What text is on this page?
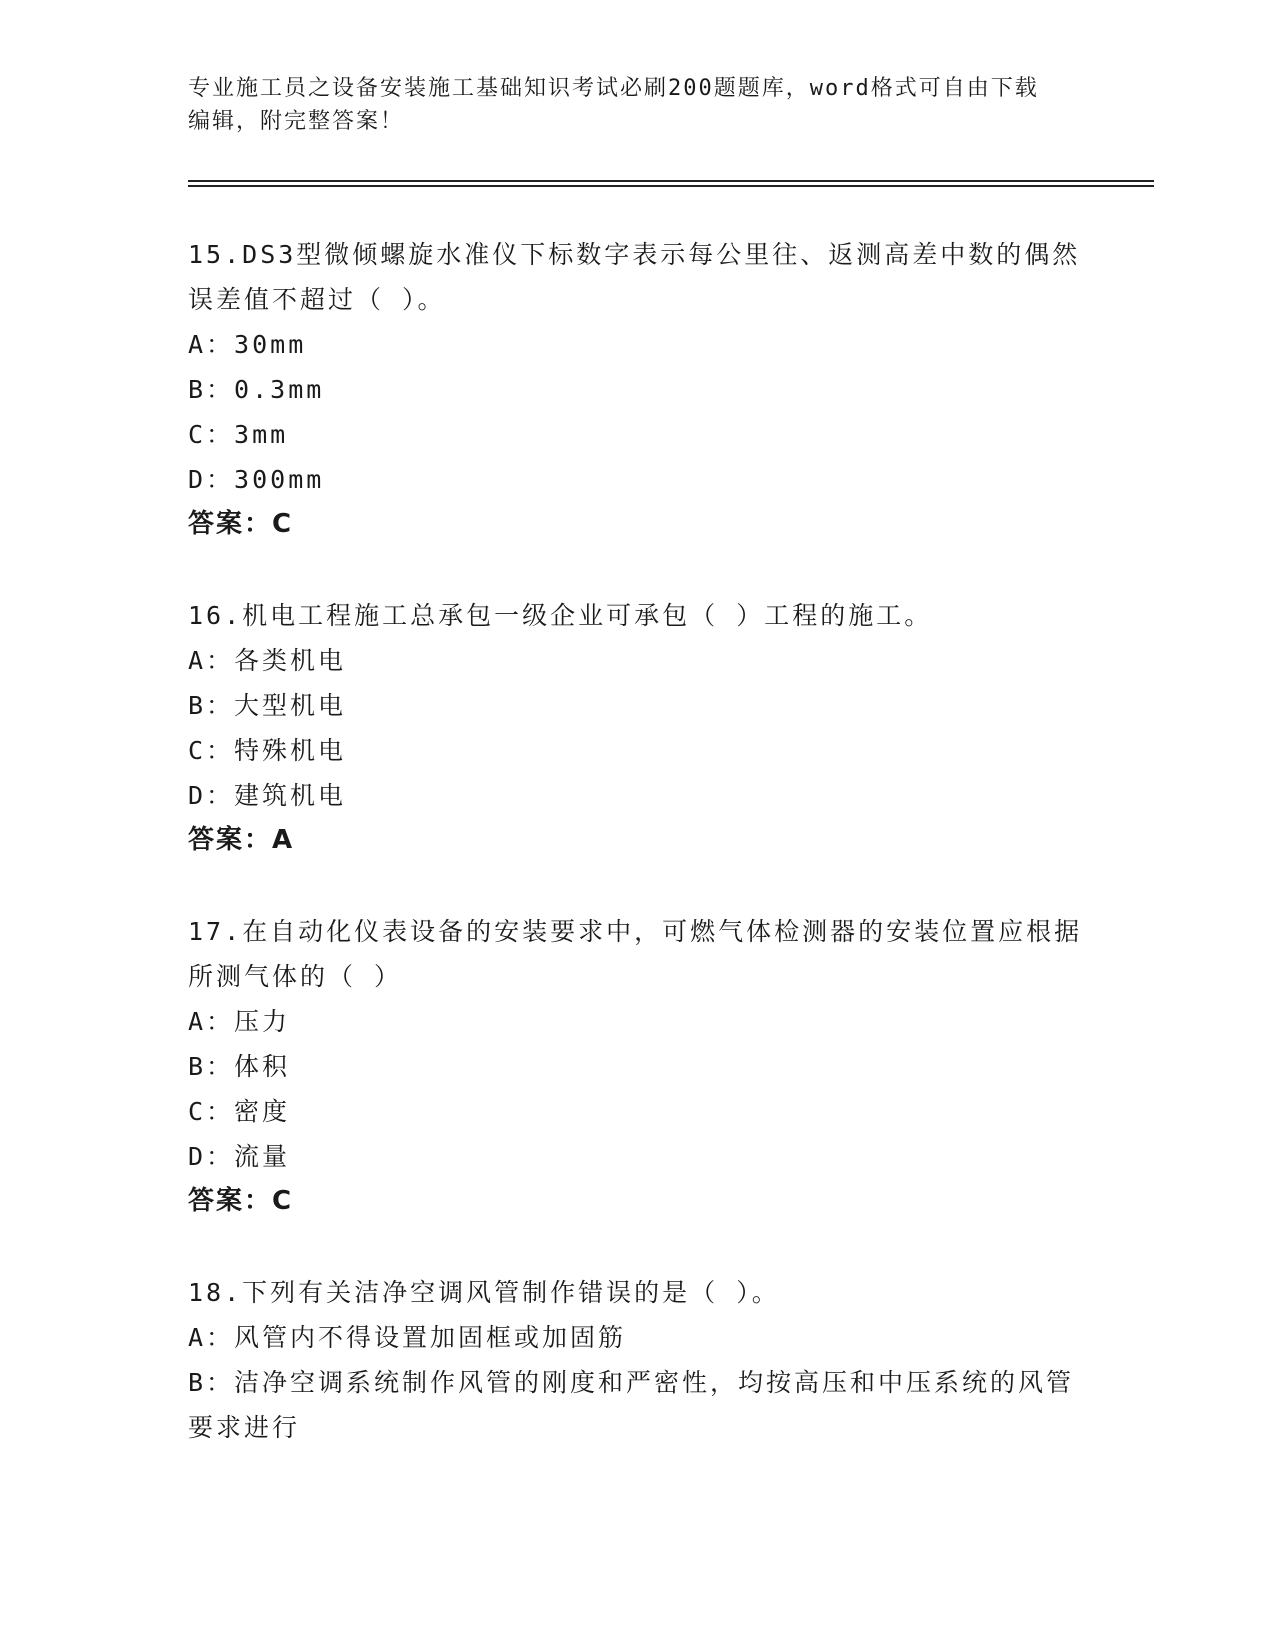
专业施工员之设备安装施工基础知识考试必刷200题题库，word格式可自由下载
编辑，附完整答案！
15.DS3型微倾螺旋水准仪下标数字表示每公里往、返测高差中数的偶然误差值不超过（ ）。
A：30mm
B：0.3mm
C：3mm
D：300mm
答案：C
16.机电工程施工总承包一级企业可承包（ ）工程的施工。
A：各类机电
B：大型机电
C：特殊机电
D：建筑机电
答案：A
17.在自动化仪表设备的安装要求中，可燃气体检测器的安装位置应根据所测气体的（ ）
A：压力
B：体积
C：密度
D：流量
答案：C
18.下列有关洁净空调风管制作错误的是（ ）。
A：风管内不得设置加固框或加固筋
B：洁净空调系统制作风管的刚度和严密性，均按高压和中压系统的风管要求进行
